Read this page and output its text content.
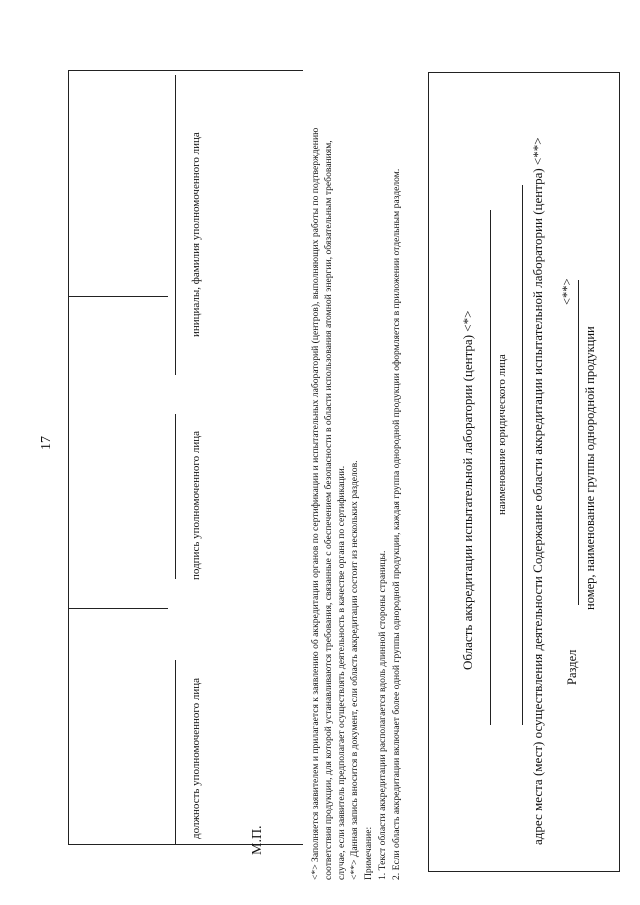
17
должность уполномоченного лица
подпись уполномоченного лица
инициалы, фамилия уполномоченного лица
М.П.	<*> Заполняется заявителем и прилагается к заявлению об аккредитации органов по сертификации и испытательных лабораторий (центров), выполняющих работы по подтверждению соответствия продукции, для которой устанавливаются требования, связанные с обеспечением безопасности в области использования атомной энергии, обязательным требованиям, случае, если заявитель предполагает осуществлять деятельность в качестве органа по сертификации. <**> Данная запись вносится в документ, если область аккредитации состоит из нескольких разделов. Примечание: 1. Текст области аккредитации располагается вдоль длинной стороны страницы. 2. Если область аккредитации включает более одной группы однородной продукции, каждая группа однородной продукции оформляется в приложении отдельным разделом.	Область аккредитации испытательной лаборатории (центра) <*> наименование юридического лица адрес места (мест) осуществления деятельности Содержание области аккредитации испытательной лаборатории (центра) <**> Раздел
<**>
номер, наименование группы однородной продукции
